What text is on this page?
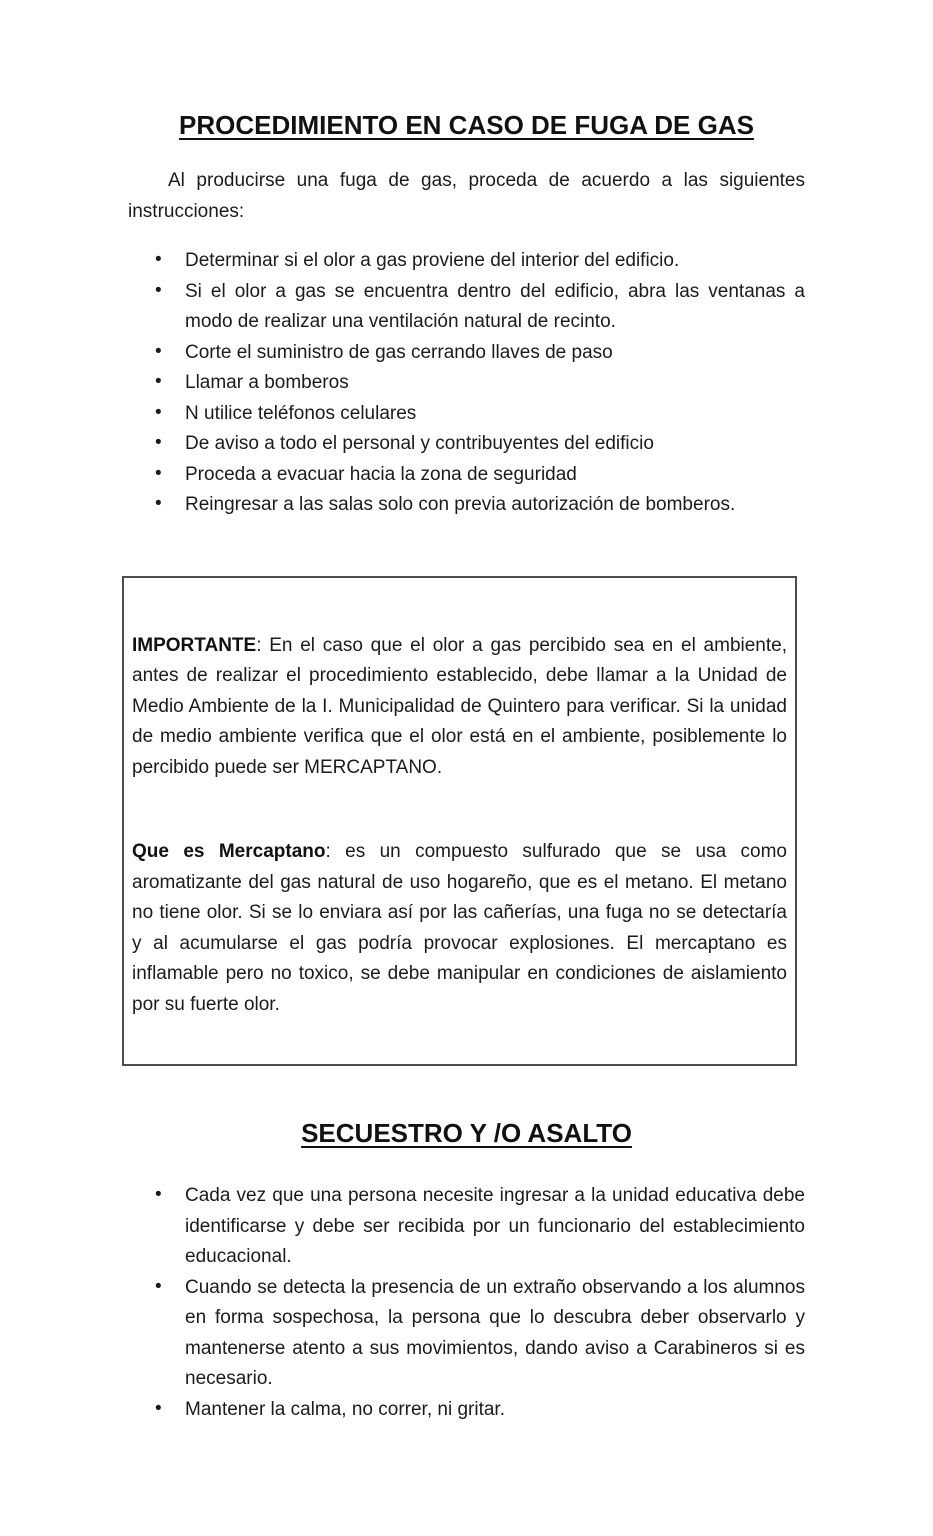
PROCEDIMIENTO EN CASO DE FUGA DE GAS

Al producirse una fuga de gas, proceda de acuerdo a las siguientes instrucciones:

• Determinar si el olor a gas proviene del interior del edificio.
• Si el olor a gas se encuentra dentro del edificio, abra las ventanas a modo de realizar una ventilación natural de recinto.
• Corte el suministro de gas cerrando llaves de paso
• Llamar a bomberos
• N utilice teléfonos celulares
• De aviso a todo el personal y contribuyentes del edificio
• Proceda a evacuar hacia la zona de seguridad
• Reingresar a las salas solo con previa autorización de bomberos.

IMPORTANTE: En el caso que el olor a gas percibido sea en el ambiente, antes de realizar el procedimiento establecido, debe llamar a la Unidad de Medio Ambiente de la I. Municipalidad de Quintero para verificar. Si la unidad de medio ambiente verifica que el olor está en el ambiente, posiblemente lo percibido puede ser MERCAPTANO.

Que es Mercaptano: es un compuesto sulfurado que se usa como aromatizante del gas natural de uso hogareño, que es el metano. El metano no tiene olor. Si se lo enviara así por las cañerías, una fuga no se detectaría y al acumularse el gas podría provocar explosiones. El mercaptano es inflamable pero no toxico, se debe manipular en condiciones de aislamiento por su fuerte olor.

SECUESTRO Y /O ASALTO
• Cada vez que una persona necesite ingresar a la unidad educativa debe identificarse y debe ser recibida por un funcionario del establecimiento educacional.
• Cuando se detecta la presencia de un extraño observando a los alumnos en forma sospechosa, la persona que lo descubra deber observarlo y mantenerse atento a sus movimientos, dando aviso a Carabineros si es necesario.
• Mantener la calma, no correr, ni gritar.
